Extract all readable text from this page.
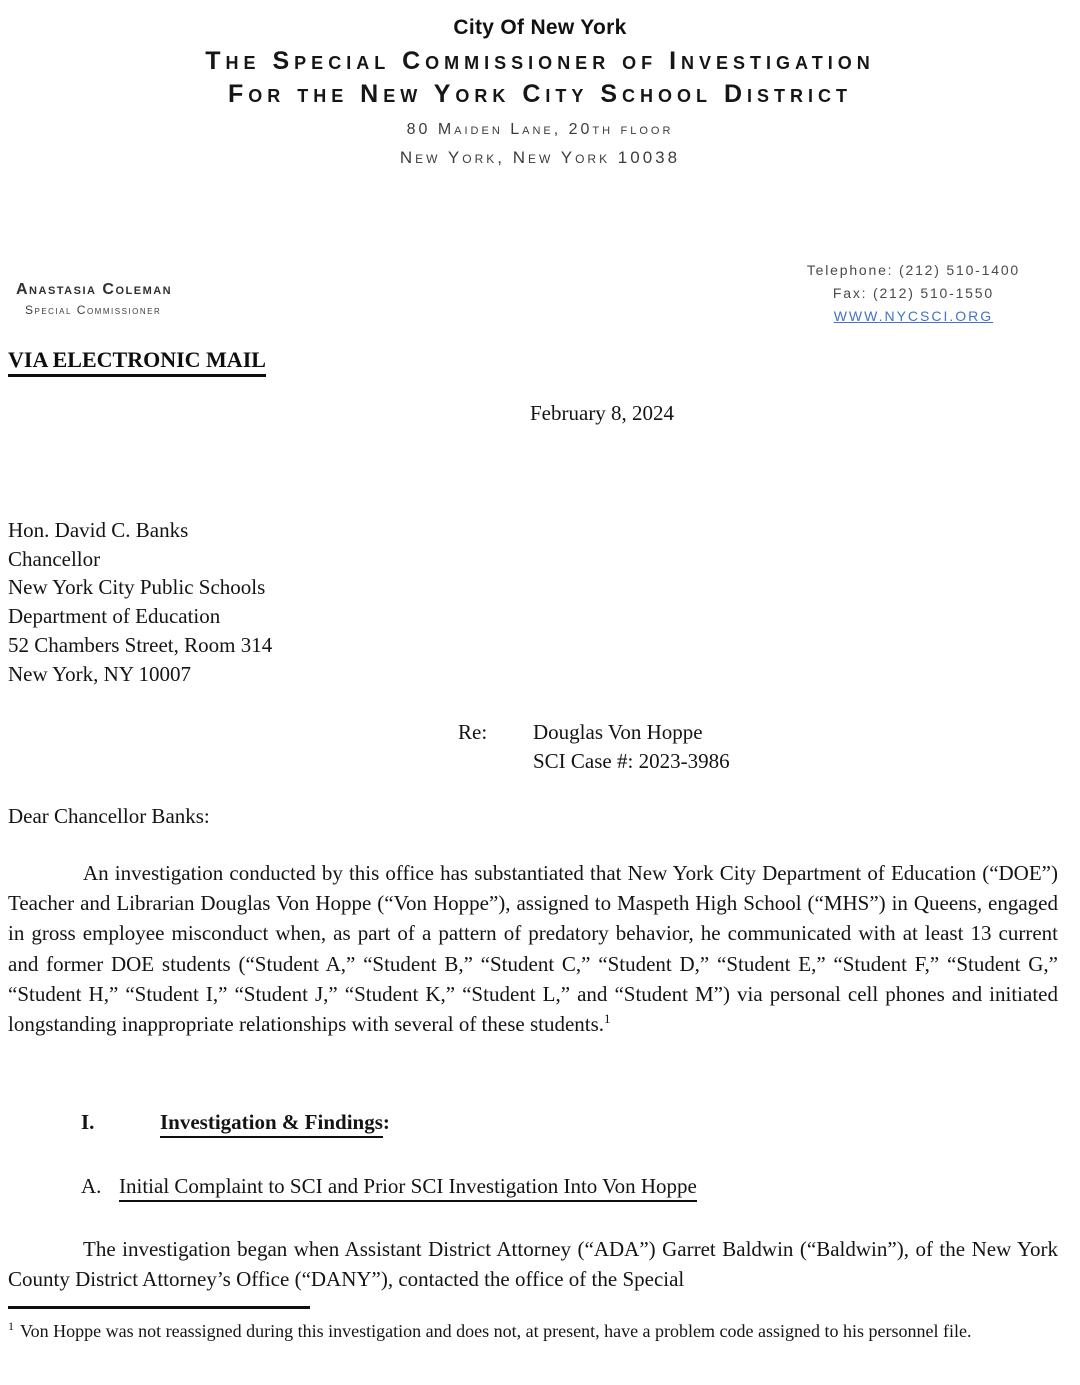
City Of New York
The Special Commissioner of Investigation
For the New York City School District
80 Maiden Lane, 20th floor
New York, New York 10038
Anastasia Coleman
Special Commissioner
Telephone: (212) 510-1400
Fax: (212) 510-1550
WWW.NYCSCI.ORG
VIA ELECTRONIC MAIL
February 8, 2024
Hon. David C. Banks
Chancellor
New York City Public Schools
Department of Education
52 Chambers Street, Room 314
New York, NY 10007
Re:	Douglas Von Hoppe
SCI Case #: 2023-3986
Dear Chancellor Banks:

An investigation conducted by this office has substantiated that New York City Department of Education (“DOE”) Teacher and Librarian Douglas Von Hoppe (“Von Hoppe”), assigned to Maspeth High School (“MHS”) in Queens, engaged in gross employee misconduct when, as part of a pattern of predatory behavior, he communicated with at least 13 current and former DOE students (“Student A,” “Student B,” “Student C,” “Student D,” “Student E,” “Student F,” “Student G,” “Student H,” “Student I,” “Student J,” “Student K,” “Student L,” and “Student M”) via personal cell phones and initiated longstanding inappropriate relationships with several of these students.$^1$

I.	Investigation & Findings:
A. Initial Complaint to SCI and Prior SCI Investigation Into Von Hoppe

The investigation began when Assistant District Attorney (“ADA”) Garret Baldwin (“Baldwin”), of the New York County District Attorney’s Office (“DANY”), contacted the office of the Special

$^1$ Von Hoppe was not reassigned during this investigation and does not, at present, have a problem code assigned to his personnel file.
